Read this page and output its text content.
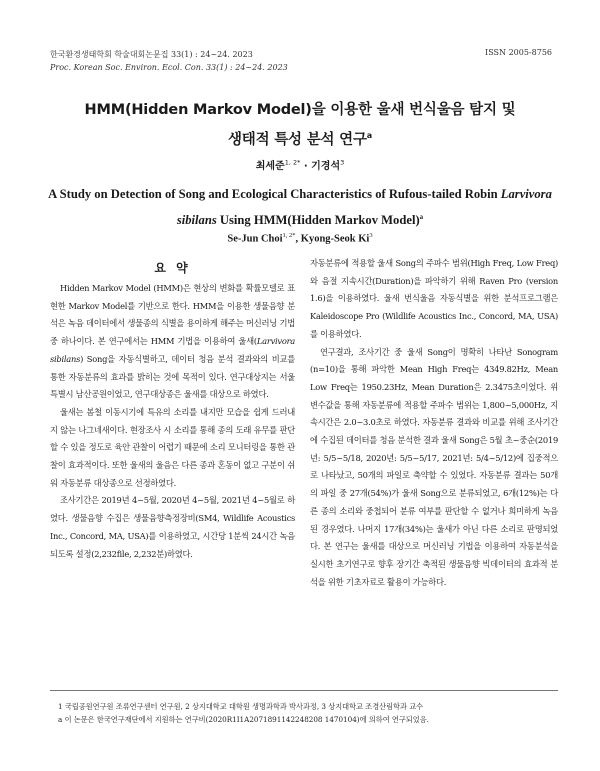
한국환경생태학회 학술대회논문집 33(1) : 24~24. 2023
Proc. Korean Soc. Environ. Ecol. Con. 33(1) : 24~24. 2023
ISSN 2005-8756
HMM(Hidden Markov Model)을 이용한 울새 번식울음 탐지 및
생태적 특성 분석 연구$^a$
최세준$^{1, 2*}$ · 기경석$^3$
A Study on Detection of Song and Ecological Characteristics of Rufous-tailed Robin Larvivora sibilans Using HMM(Hidden Markov Model)$^a$
Se-Jun Choi$^{1, 2*}$, Kyong-Seok Ki$^3$
요 약

Hidden Markov Model (HMM)은 현상의 변화를 확률모델로 표현한 Markov Model를 기반으로 한다. HMM을 이용한 생물음향 분석은 녹음 데이터에서 생물종의 식별을 용이하게 해주는 머신러닝 기법 중 하나이다. 본 연구에서는 HMM 기법을 이용하여 울새(Larvivora sibilans) Song을 자동식별하고, 데이터 청음 분석 결과와의 비교를 통한 자동분류의 효과를 밝히는 것에 목적이 있다. 연구대상지는 서울특별시 남산공원이었고, 연구대상종은 울새를 대상으로 하였다.

울새는 봄철 이동시기에 특유의 소리를 내지만 모습을 쉽게 드러내지 않는 나그네새이다. 현장조사 시 소리를 통해 종의 도래 유무를 판단할 수 있을 정도로 육안 관찰이 어렵기 때문에 소리 모니터링을 통한 관찰이 효과적이다. 또한 울새의 울음은 다른 종과 혼동이 없고 구분이 쉬워 자동분류 대상종으로 선정하였다.

조사기간은 2019년 4~5월, 2020년 4~5월, 2021년 4~5월로 하였다. 생물음향 수집은 생물음향측정장비(SM4, Wildlife Acoustics Inc., Concord, MA, USA)를 이용하였고, 시간당 1분씩 24시간 녹음되도록 설정(2,232file, 2,232분)하였다.

자동분류에 적용할 울새 Song의 주파수 범위(High Freq, Low Freq)와 음절 지속시간(Duration)을 파악하기 위해 Raven Pro (version 1.6)을 이용하였다. 울새 번식울음 자동식별을 위한 분석프로그램은 Kaleidoscope Pro (Wildlife Acoustics Inc., Concord, MA, USA)를 이용하였다.

연구결과, 조사기간 중 울새 Song이 명확히 나타난 Sonogram (n=10)을 통해 파악한 Mean High Freq는 4349.82Hz, Mean Low Freq는 1950.23Hz, Mean Duration은 2.3475초이었다. 위 변수값을 통해 자동분류에 적용할 주파수 범위는 1,800~5,000Hz, 지속시간은 2.0~3.0초로 하였다. 자동분류 결과와 비교를 위해 조사기간에 수집된 데이터를 청음 분석한 결과 울새 Song은 5월 초~중순(2019년: 5/5~5/18, 2020년: 5/5~5/17, 2021년: 5/4~5/12)에 집중적으로 나타났고, 50개의 파일로 축약할 수 있었다. 자동분류 결과는 50개의 파일 중 27개(54%)가 울새 Song으로 분류되었고, 6개(12%)는 다른 종의 소리와 중첩되어 분류 여부를 판단할 수 없거나 희미하게 녹음된 경우였다. 나머지 17개(34%)는 울새가 아닌 다른 소리로 판명되었다. 본 연구는 울새를 대상으로 머신러닝 기법을 이용하여 자동분석을 실시한 초기연구로 향후 장기간 축적된 생물음향 빅데이터의 효과적 분석을 위한 기초자료로 활용이 가능하다.

1 국립공원연구원 조류연구센터 연구원, 2 상지대학교 대학원 생명과학과 박사과정, 3 상지대학교 조경산림학과 교수
a 이 논문은 한국연구재단에서 지원하는 연구비(2020R1I1A2071891142248208 1470104)에 의하여 연구되었음.
